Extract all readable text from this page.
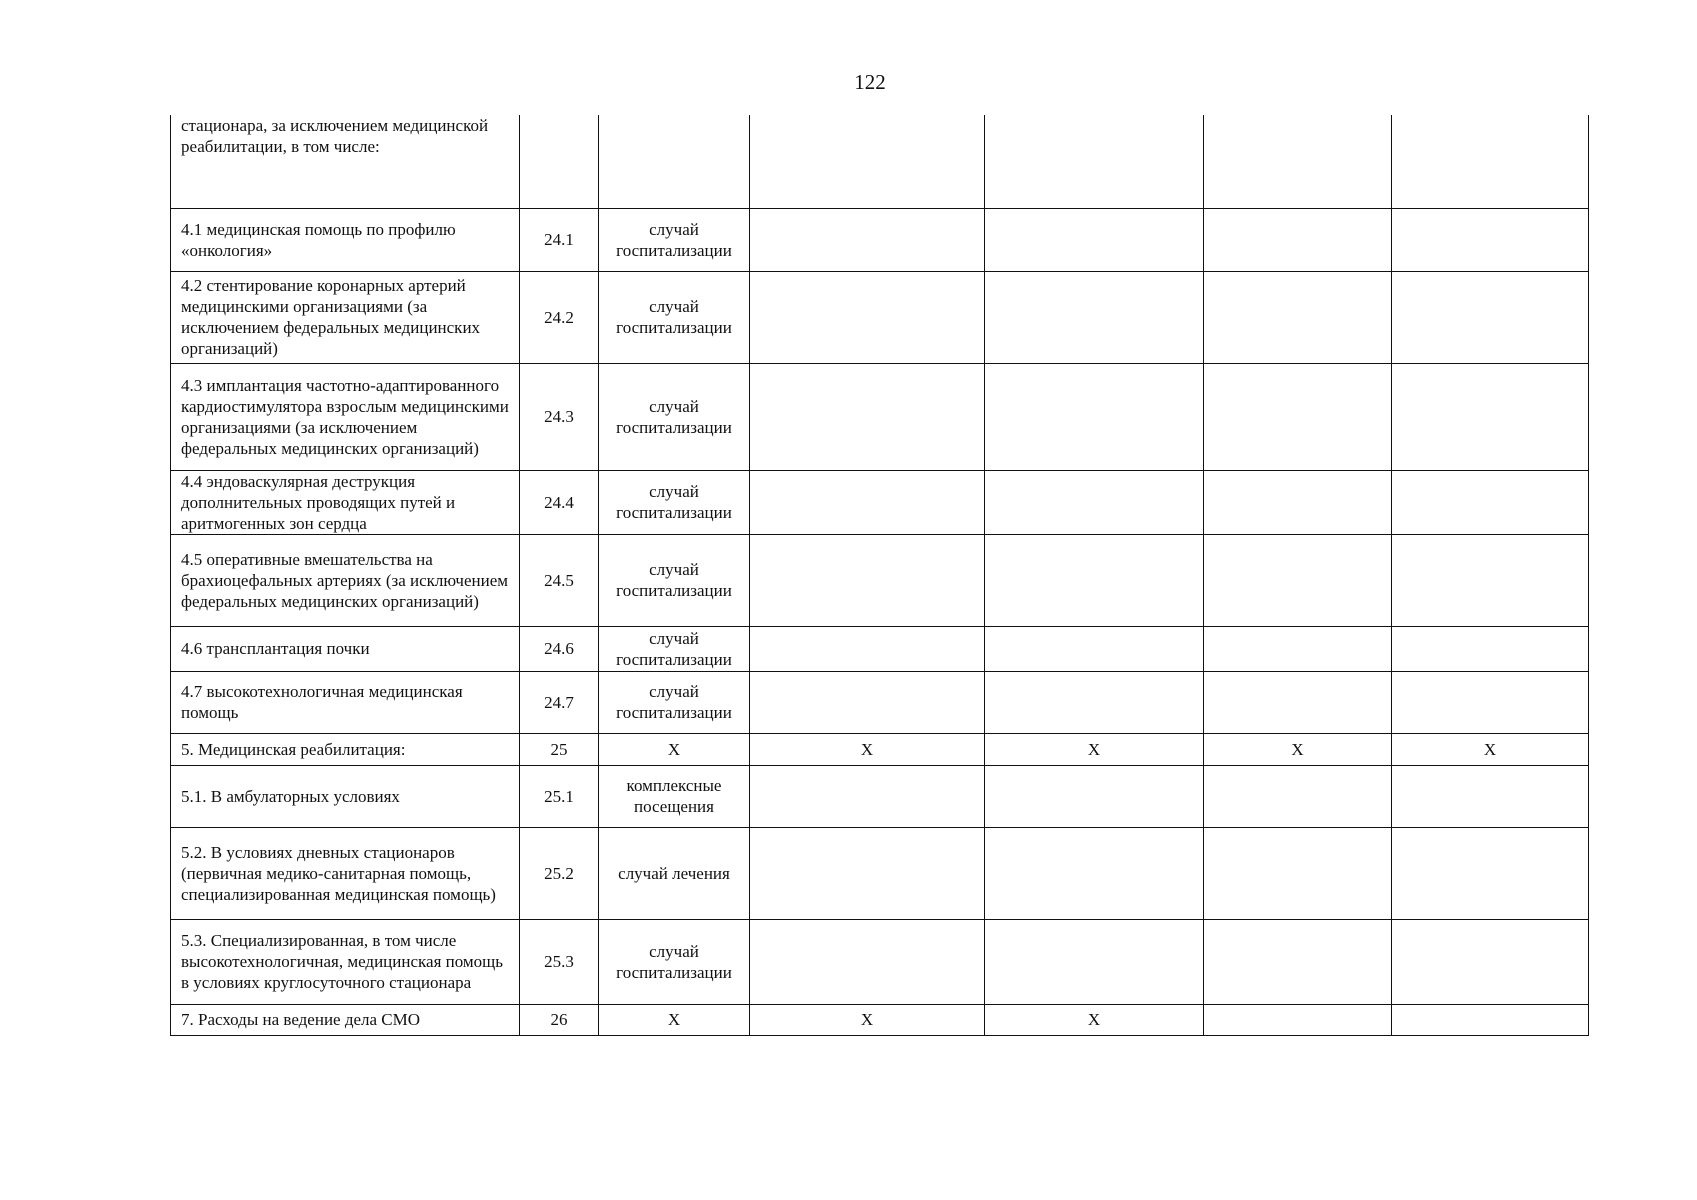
122
стационара, за исключением медицинской реабилитации, в том числе:						
4.1 медицинская помощь по профилю «онкология»	24.1	случай госпитализации				
4.2 стентирование коронарных артерий медицинскими организациями (за исключением федеральных медицинских организаций)	24.2	случай госпитализации				
4.3 имплантация частотно-адаптированного кардиостимулятора взрослым медицинскими организациями (за исключением федеральных медицинских организаций)	24.3	случай госпитализации				
4.4 эндоваскулярная деструкция дополнительных проводящих путей и аритмогенных зон сердца	24.4	случай госпитализации				
4.5 оперативные вмешательства на брахиоцефальных артериях (за исключением федеральных медицинских организаций)	24.5	случай госпитализации				
4.6 трансплантация почки	24.6	случай госпитализации				
4.7 высокотехнологичная медицинская помощь	24.7	случай госпитализации				
5. Медицинская реабилитация:	25	Х	Х	Х	Х	Х
5.1. В амбулаторных условиях	25.1	комплексные посещения				
5.2. В условиях дневных стационаров (первичная медико-санитарная помощь, специализированная медицинская помощь)	25.2	случай лечения				
5.3. Специализированная, в том числе высокотехнологичная, медицинская помощь в условиях круглосуточного стационара	25.3	случай госпитализации				
7. Расходы на ведение дела СМО	26	Х	Х	Х		
